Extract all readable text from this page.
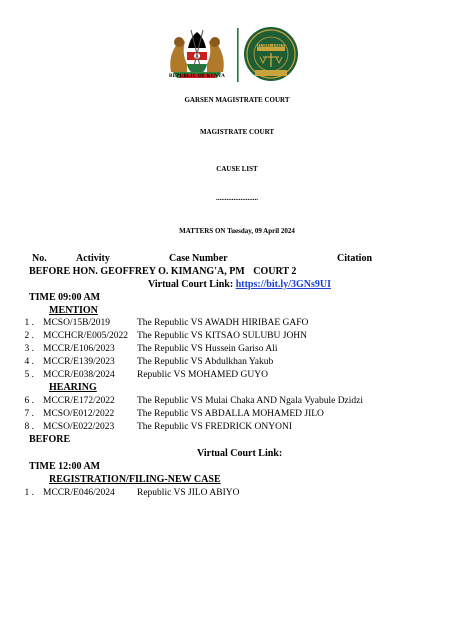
REPUBLIC OF KENYA
JUDICIARY
GARSEN MAGISTRATE COURT
MAGISTRATE COURT
CAUSE LIST
........................
MATTERS ON Tuesday, 09 April 2024
No.	Activity	Case Number	Citation
BEFORE HON. GEOFFREY O. KIMANG'A, PM COURT 2
Virtual Court Link: https://bit.ly/3GNs9UI
TIME 09:00 AM
MENTION
1 . MCSO/15B/2019	The Republic VS AWADH HIRIBAE GAFO
2 . MCCHCR/E005/2022 The Republic VS KITSAO SULUBU JOHN
3 . MCCR/E106/2023 The Republic VS Hussein Gariso Ali
4 . MCCR/E139/2023 The Republic VS Abdulkhan Yakub
5 . MCCR/E038/2024 Republic VS MOHAMED GUYO
HEARING
6 . MCCR/E172/2022 The Republic VS Mulai Chaka AND Ngala Vyabule Dzidzi
7 . MCSO/E012/2022 The Republic VS ABDALLA MOHAMED JILO
8 . MCSO/E022/2023 The Republic VS FREDRICK ONYONI
BEFORE
Virtual Court Link:
TIME 12:00 AM
REGISTRATION/FILING-NEW CASE
1 . MCCR/E046/2024 Republic VS JILO ABIYO
